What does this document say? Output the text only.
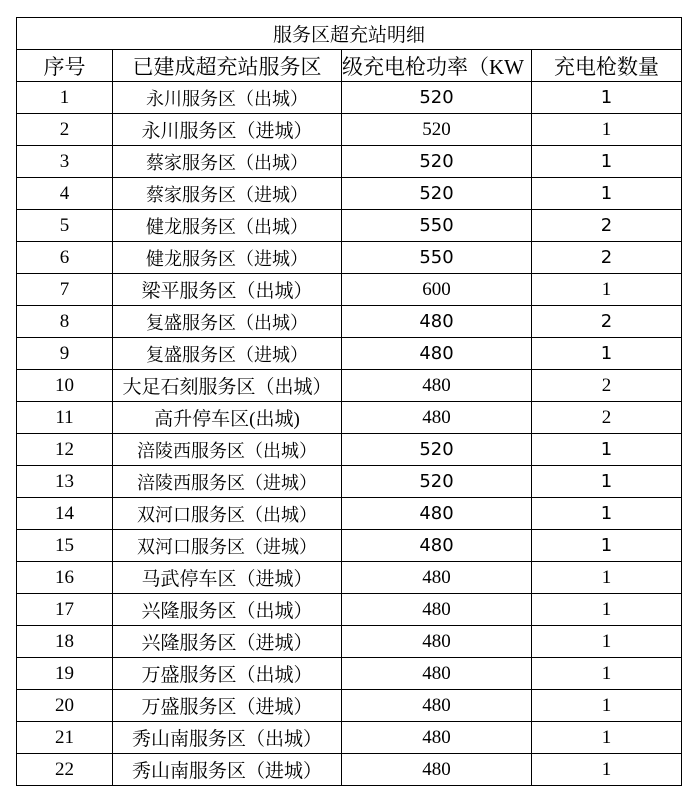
服务区超充站明细			
序号	已建成超充站服务区	级充电枪功率（KW	充电枪数量
1	永川服务区（出城）	520	1
2	永川服务区（进城）	520	1
3	蔡家服务区（出城）	520	1
4	蔡家服务区（进城）	520	1
5	健龙服务区（出城）	550	2
6	健龙服务区（进城）	550	2
7	梁平服务区（出城）	600	1
8	复盛服务区（出城）	480	2
9	复盛服务区（进城）	480	1
10	大足石刻服务区（出城）	480	2
11	高升停车区(出城)	480	2
12	涪陵西服务区（出城）	520	1
13	涪陵西服务区（进城）	520	1
14	双河口服务区（出城）	480	1
15	双河口服务区（进城）	480	1
16	马武停车区（进城）	480	1
17	兴隆服务区（出城）	480	1
18	兴隆服务区（进城）	480	1
19	万盛服务区（出城）	480	1
20	万盛服务区（进城）	480	1
21	秀山南服务区（出城）	480	1
22	秀山南服务区（进城）	480	1
